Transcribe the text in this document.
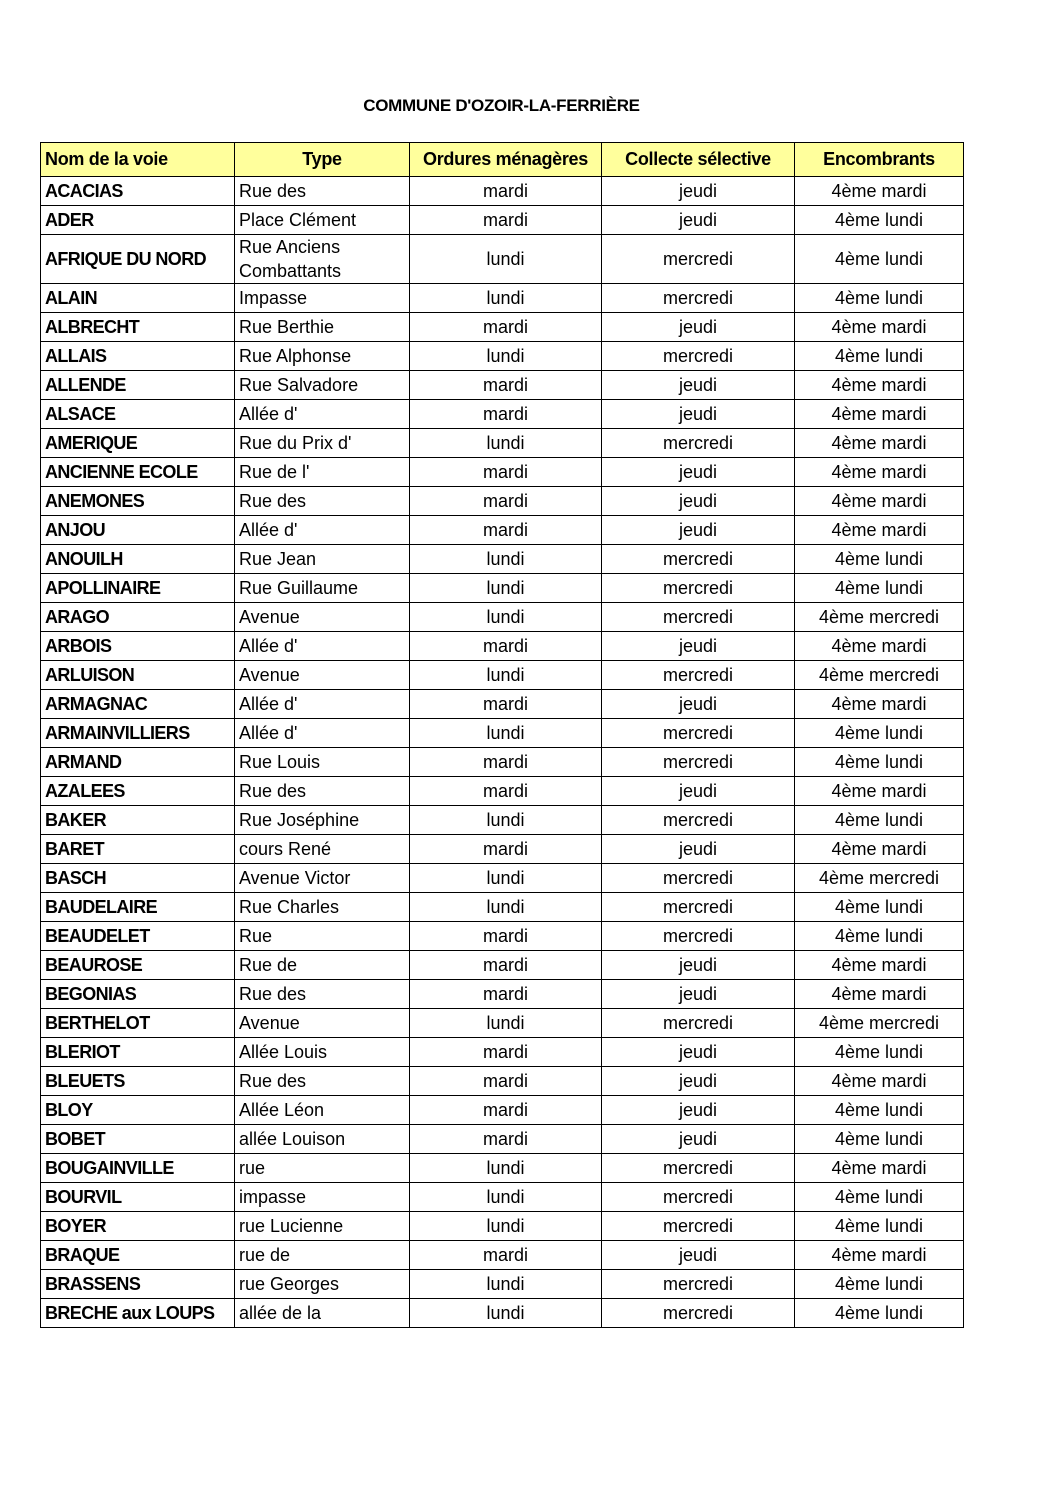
COMMUNE D'OZOIR-LA-FERRIÈRE
Nom de la voie	Type	Ordures ménagères	Collecte sélective	Encombrants
ACACIAS	Rue des	mardi	jeudi	4ème mardi
ADER	Place Clément	mardi	jeudi	4ème lundi
AFRIQUE DU NORD	Rue Anciens Combattants	lundi	mercredi	4ème lundi
ALAIN	Impasse	lundi	mercredi	4ème lundi
ALBRECHT	Rue Berthie	mardi	jeudi	4ème mardi
ALLAIS	Rue Alphonse	lundi	mercredi	4ème lundi
ALLENDE	Rue Salvadore	mardi	jeudi	4ème mardi
ALSACE	Allée d'	mardi	jeudi	4ème mardi
AMERIQUE	Rue du Prix d'	lundi	mercredi	4ème mardi
ANCIENNE ECOLE	Rue de l'	mardi	jeudi	4ème mardi
ANEMONES	Rue des	mardi	jeudi	4ème mardi
ANJOU	Allée d'	mardi	jeudi	4ème mardi
ANOUILH	Rue Jean	lundi	mercredi	4ème lundi
APOLLINAIRE	Rue Guillaume	lundi	mercredi	4ème lundi
ARAGO	Avenue	lundi	mercredi	4ème mercredi
ARBOIS	Allée d'	mardi	jeudi	4ème mardi
ARLUISON	Avenue	lundi	mercredi	4ème mercredi
ARMAGNAC	Allée d'	mardi	jeudi	4ème mardi
ARMAINVILLIERS	Allée d'	lundi	mercredi	4ème lundi
ARMAND	Rue Louis	mardi	mercredi	4ème lundi
AZALEES	Rue des	mardi	jeudi	4ème mardi
BAKER	Rue Joséphine	lundi	mercredi	4ème lundi
BARET	cours René	mardi	jeudi	4ème mardi
BASCH	Avenue Victor	lundi	mercredi	4ème mercredi
BAUDELAIRE	Rue Charles	lundi	mercredi	4ème lundi
BEAUDELET	Rue	mardi	mercredi	4ème lundi
BEAUROSE	Rue de	mardi	jeudi	4ème mardi
BEGONIAS	Rue des	mardi	jeudi	4ème mardi
BERTHELOT	Avenue	lundi	mercredi	4ème mercredi
BLERIOT	Allée Louis	mardi	jeudi	4ème lundi
BLEUETS	Rue des	mardi	jeudi	4ème mardi
BLOY	Allée Léon	mardi	jeudi	4ème lundi
BOBET	allée Louison	mardi	jeudi	4ème lundi
BOUGAINVILLE	rue	lundi	mercredi	4ème mardi
BOURVIL	impasse	lundi	mercredi	4ème lundi
BOYER	rue Lucienne	lundi	mercredi	4ème lundi
BRAQUE	rue de	mardi	jeudi	4ème mardi
BRASSENS	rue Georges	lundi	mercredi	4ème lundi
BRECHE aux LOUPS	allée de la	lundi	mercredi	4ème lundi
